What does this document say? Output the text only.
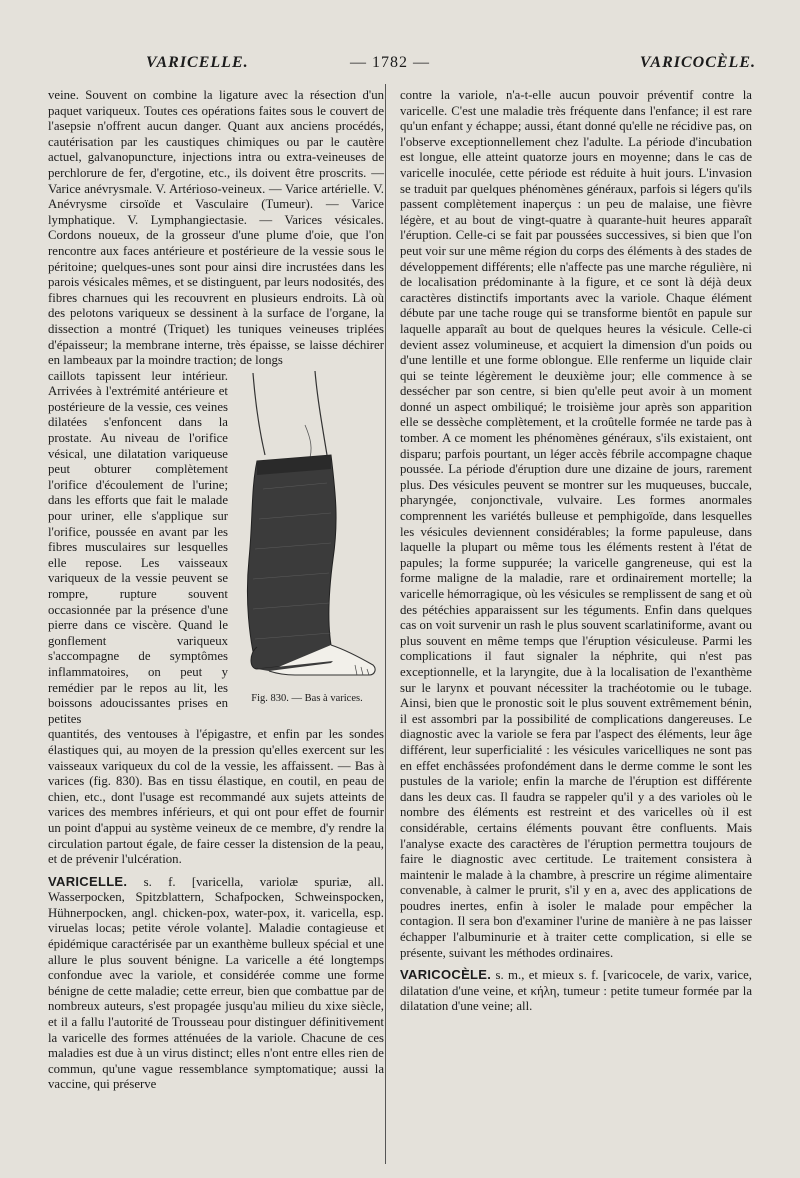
VARICELLE.	— 1782 —	VARICOCÈLE.

veine. Souvent on combine la ligature avec la résection d'un paquet variqueux. Toutes ces opérations faites sous le couvert de l'asepsie n'offrent aucun danger. Quant aux anciens procédés, cautérisation par les caustiques chimiques ou par le cautère actuel, galvanopuncture, injections intra ou extra-veineuses de perchlorure de fer, d'ergotine, etc., ils doivent être proscrits. — Varice anévrysmale. V. Artérioso-veineux. — Varice artérielle. V. Anévrysme cirsoïde et Vasculaire (Tumeur). — Varice lymphatique. V. Lymphangiectasie. — Varices vésicales. Cordons noueux, de la grosseur d'une plume d'oie, que l'on rencontre aux faces antérieure et postérieure de la vessie sous le péritoine; quelques-unes sont pour ainsi dire incrustées dans les parois vésicales mêmes, et se distinguent, par leurs nodosités, des fibres charnues qui les recouvrent en plusieurs endroits. Là où des pelotons variqueux se dessinent à la surface de l'organe, la dissection a montré (Triquet) les tuniques veineuses triplées d'épaisseur; la membrane interne, très épaisse, se laisse déchirer en lambeaux par la moindre traction; de longs

caillots tapissent leur intérieur. Arrivées à l'extrémité antérieure et postérieure de la vessie, ces veines dilatées s'enfoncent dans la prostate. Au niveau de l'orifice vésical, une dilatation variqueuse peut obturer complètement l'orifice d'écoulement de l'urine; dans les efforts que fait le malade pour uriner, elle s'applique sur l'orifice, poussée en avant par les fibres musculaires sur lesquelles elle repose. Les vaisseaux variqueux de la vessie peuvent se rompre, rupture souvent occasionnée par la présence d'une pierre dans ce viscère. Quand le gonflement variqueux s'accompagne de symptômes inflammatoires, on peut y remédier par le repos au lit, les boissons adoucissantes prises en petites

Fig. 830. — Bas à varices.

quantités, des ventouses à l'épigastre, et enfin par les sondes élastiques qui, au moyen de la pression qu'elles exercent sur les vaisseaux variqueux du col de la vessie, les affaissent. — Bas à varices (fig. 830). Bas en tissu élastique, en coutil, en peau de chien, etc., dont l'usage est recommandé aux sujets atteints de varices des membres inférieurs, et qui ont pour effet de fournir un point d'appui au système veineux de ce membre, d'y rendre la circulation partout égale, de faire cesser la distension de la peau, et de prévenir l'ulcération.

VARICELLE. s. f. [varicella, variolæ spuriæ, all. Wasserpocken, Spitzblattern, Schafpocken, Schweinspocken, Hühnerpocken, angl. chicken-pox, water-pox, it. varicella, esp. viruelas locas; petite vérole volante]. Maladie contagieuse et épidémique caractérisée par un exanthème bulleux spécial et une allure le plus souvent bénigne. La varicelle a été longtemps confondue avec la variole, et considérée comme une forme bénigne de cette maladie; cette erreur, bien que combattue par de nombreux auteurs, s'est propagée jusqu'au milieu du xixe siècle, et il a fallu l'autorité de Trousseau pour distinguer définitivement la varicelle des formes atténuées de la variole. Chacune de ces maladies est due à un virus distinct; elles n'ont entre elles rien de commun, qu'une vague ressemblance symptomatique; aussi la vaccine, qui préserve

contre la variole, n'a-t-elle aucun pouvoir préventif contre la varicelle. C'est une maladie très fréquente dans l'enfance; il est rare qu'un enfant y échappe; aussi, étant donné qu'elle ne récidive pas, on l'observe exceptionnellement chez l'adulte. La période d'incubation est longue, elle atteint quatorze jours en moyenne; dans le cas de varicelle inoculée, cette période est réduite à huit jours. L'invasion se traduit par quelques phénomènes généraux, parfois si légers qu'ils passent complètement inaperçus : un peu de malaise, une fièvre légère, et au bout de vingt-quatre à quarante-huit heures apparaît l'éruption. Celle-ci se fait par poussées successives, si bien que l'on peut voir sur une même région du corps des éléments à des stades de développement différents; elle n'affecte pas une marche régulière, ni de localisation prédominante à la figure, et ce sont là déjà deux caractères distinctifs importants avec la variole. Chaque élément débute par une tache rouge qui se transforme bientôt en papule sur laquelle apparaît au bout de quelques heures la vésicule. Celle-ci devient assez volumineuse, et acquiert la dimension d'un poids ou d'une lentille et une forme oblongue. Elle renferme un liquide clair qui se teinte légèrement le deuxième jour; elle commence à se dessécher par son centre, si bien qu'elle peut avoir à un moment donné un aspect ombiliqué; le troisième jour après son apparition elle se dessèche complètement, et la croûtelle formée ne tarde pas à tomber. A ce moment les phénomènes généraux, s'ils existaient, ont disparu; parfois pourtant, un léger accès fébrile accompagne chaque poussée. La période d'éruption dure une dizaine de jours, rarement plus. Des vésicules peuvent se montrer sur les muqueuses, buccale, pharyngée, conjonctivale, vulvaire. Les formes anormales comprennent les variétés bulleuse et pemphigoïde, dans lesquelles les vésicules deviennent considérables; la forme papuleuse, dans laquelle la plupart ou même tous les éléments restent à l'état de papules; la forme suppurée; la varicelle gangreneuse, qui est la forme maligne de la maladie, rare et ordinairement mortelle; la varicelle hémorragique, où les vésicules se remplissent de sang et où des pétéchies apparaissent sur les téguments. Enfin dans quelques cas on voit survenir un rash le plus souvent scarlatiniforme, avant ou plus souvent en même temps que l'éruption vésiculeuse. Parmi les complications il faut signaler la néphrite, qui n'est pas exceptionnelle, et la laryngite, due à la localisation de l'exanthème sur le larynx et pouvant nécessiter la trachéotomie ou le tubage. Ainsi, bien que le pronostic soit le plus souvent extrêmement bénin, il est assombri par la possibilité de complications dangereuses. Le diagnostic avec la variole se fera par l'aspect des éléments, leur âge différent, leur superficialité : les vésicules varicelliques ne sont pas en effet enchâssées profondément dans le derme comme le sont les pustules de la variole; enfin la marche de l'éruption est différente dans les deux cas. Il faudra se rappeler qu'il y a des varioles où le nombre des éléments est restreint et des varicelles où il est considérable, certains éléments pouvant être confluents. Mais l'analyse exacte des caractères de l'éruption permettra toujours de faire le diagnostic avec certitude. Le traitement consistera à maintenir le malade à la chambre, à prescrire un régime alimentaire convenable, à calmer le prurit, s'il y en a, avec des applications de poudres inertes, enfin à isoler le malade pour empêcher la contagion. Il sera bon d'examiner l'urine de manière à ne pas laisser échapper l'albuminurie et à traiter cette complication, si elle se présente, suivant les méthodes ordinaires.

VARICOCÈLE. s. m., et mieux s. f. [varicocele, de varix, varice, dilatation d'une veine, et κήλη, tumeur : petite tumeur formée par la dilatation d'une veine; all.
